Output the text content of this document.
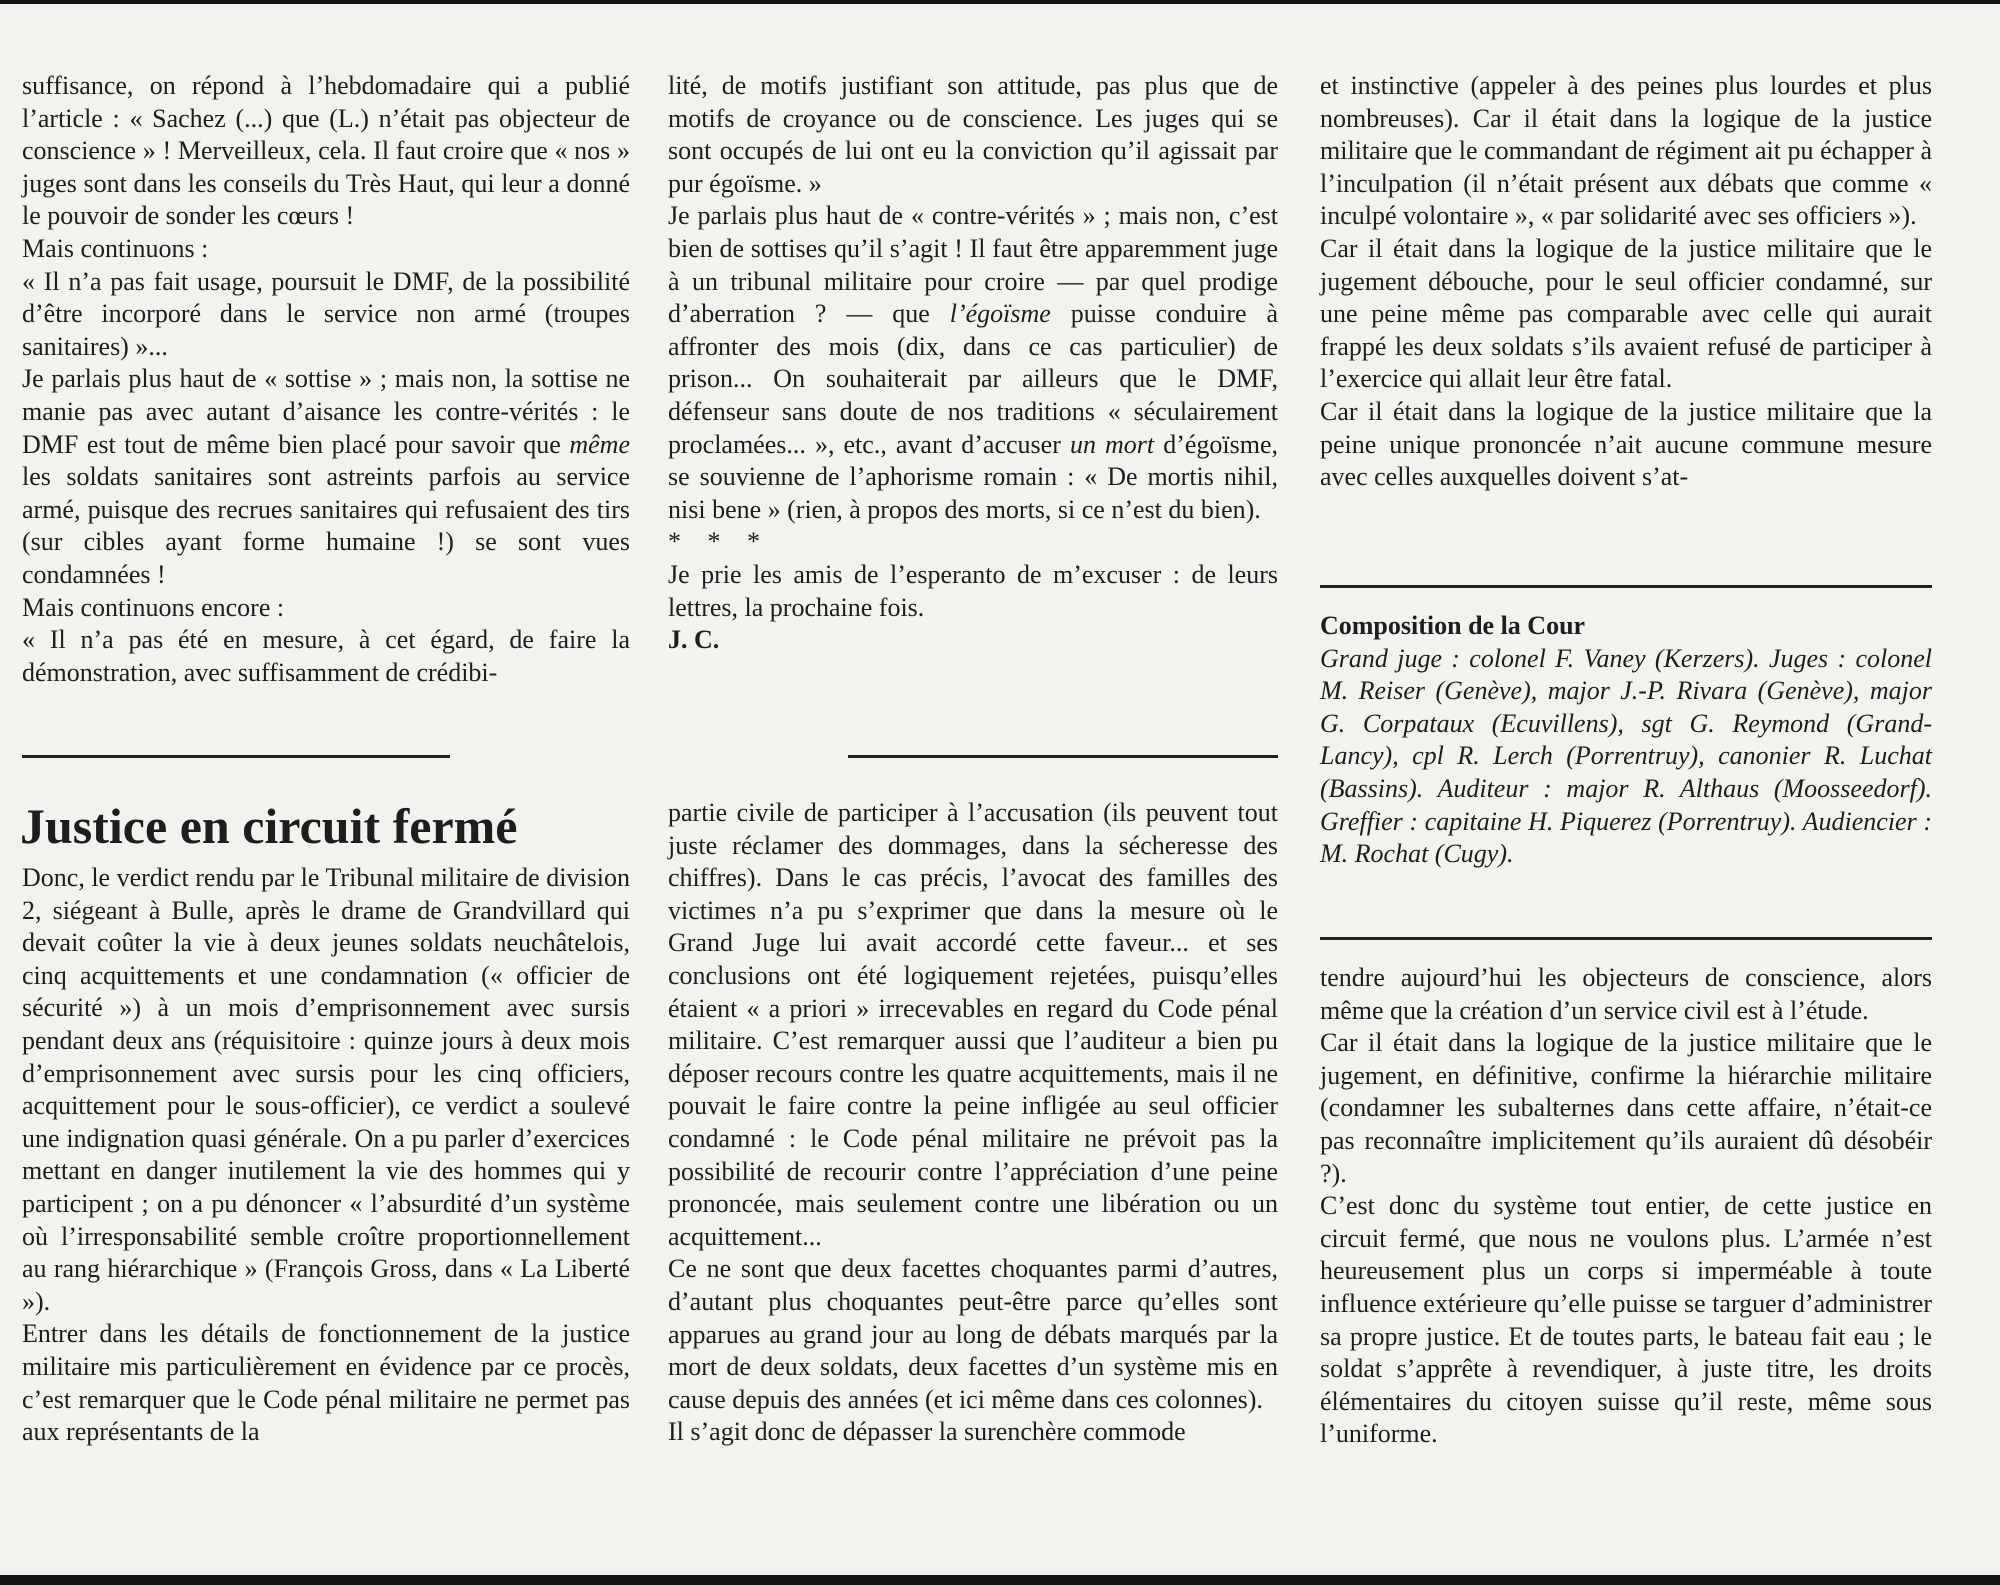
suffisance, on répond à l’hebdomadaire qui a publié l’article : « Sachez (...) que (L.) n’était pas objecteur de conscience » ! Merveilleux, cela. Il faut croire que « nos » juges sont dans les conseils du Très Haut, qui leur a donné le pouvoir de sonder les cœurs !

Mais continuons :

« Il n’a pas fait usage, poursuit le DMF, de la possibilité d’être incorporé dans le service non armé (troupes sanitaires) »...

Je parlais plus haut de « sottise » ; mais non, la sottise ne manie pas avec autant d’aisance les contre-vérités : le DMF est tout de même bien placé pour savoir que même les soldats sanitaires sont astreints parfois au service armé, puisque des recrues sanitaires qui refusaient des tirs (sur cibles ayant forme humaine !) se sont vues condamnées !

Mais continuons encore :

« Il n’a pas été en mesure, à cet égard, de faire la démonstration, avec suffisamment de crédibi-

lité, de motifs justifiant son attitude, pas plus que de motifs de croyance ou de conscience. Les juges qui se sont occupés de lui ont eu la conviction qu’il agissait par pur égoïsme. »

Je parlais plus haut de « contre-vérités » ; mais non, c’est bien de sottises qu’il s’agit ! Il faut être apparemment juge à un tribunal militaire pour croire — par quel prodige d’aberration ? — que l’égoïsme puisse conduire à affronter des mois (dix, dans ce cas particulier) de prison... On souhaiterait par ailleurs que le DMF, défenseur sans doute de nos traditions « séculairement proclamées... », etc., avant d’accuser un mort d’égoïsme, se souvienne de l’aphorisme romain : « De mortis nihil, nisi bene » (rien, à propos des morts, si ce n’est du bien).

* * *

Je prie les amis de l’esperanto de m’excuser : de leurs lettres, la prochaine fois.

J. C.

et instinctive (appeler à des peines plus lourdes et plus nombreuses). Car il était dans la logique de la justice militaire que le commandant de régiment ait pu échapper à l’inculpation (il n’était présent aux débats que comme « inculpé volontaire », « par solidarité avec ses officiers »).

Car il était dans la logique de la justice militaire que le jugement débouche, pour le seul officier condamné, sur une peine même pas comparable avec celle qui aurait frappé les deux soldats s’ils avaient refusé de participer à l’exercice qui allait leur être fatal.

Car il était dans la logique de la justice militaire que la peine unique prononcée n’ait aucune commune mesure avec celles auxquelles doivent s’at-

Composition de la Cour

Grand juge : colonel F. Vaney (Kerzers). Juges : colonel M. Reiser (Genève), major J.-P. Rivara (Genève), major G. Corpataux (Ecuvillens), sgt G. Reymond (Grand-Lancy), cpl R. Lerch (Porrentruy), canonier R. Luchat (Bassins). Auditeur : major R. Althaus (Moosseedorf). Greffier : capitaine H. Piquerez (Porrentruy). Audiencier : M. Rochat (Cugy).

Justice en circuit fermé

Donc, le verdict rendu par le Tribunal militaire de division 2, siégeant à Bulle, après le drame de Grandvillard qui devait coûter la vie à deux jeunes soldats neuchâtelois, cinq acquittements et une condamnation (« officier de sécurité ») à un mois d’emprisonnement avec sursis pendant deux ans (réquisitoire : quinze jours à deux mois d’emprisonnement avec sursis pour les cinq officiers, acquittement pour le sous-officier), ce verdict a soulevé une indignation quasi générale. On a pu parler d’exercices mettant en danger inutilement la vie des hommes qui y participent ; on a pu dénoncer « l’absurdité d’un système où l’irresponsabilité semble croître proportionnellement au rang hiérarchique » (François Gross, dans « La Liberté »).

Entrer dans les détails de fonctionnement de la justice militaire mis particulièrement en évidence par ce procès, c’est remarquer que le Code pénal militaire ne permet pas aux représentants de la

partie civile de participer à l’accusation (ils peuvent tout juste réclamer des dommages, dans la sécheresse des chiffres). Dans le cas précis, l’avocat des familles des victimes n’a pu s’exprimer que dans la mesure où le Grand Juge lui avait accordé cette faveur... et ses conclusions ont été logiquement rejetées, puisqu’elles étaient « a priori » irrecevables en regard du Code pénal militaire. C’est remarquer aussi que l’auditeur a bien pu déposer recours contre les quatre acquittements, mais il ne pouvait le faire contre la peine infligée au seul officier condamné : le Code pénal militaire ne prévoit pas la possibilité de recourir contre l’appréciation d’une peine prononcée, mais seulement contre une libération ou un acquittement...

Ce ne sont que deux facettes choquantes parmi d’autres, d’autant plus choquantes peut-être parce qu’elles sont apparues au grand jour au long de débats marqués par la mort de deux soldats, deux facettes d’un système mis en cause depuis des années (et ici même dans ces colonnes).

Il s’agit donc de dépasser la surenchère commode

tendre aujourd’hui les objecteurs de conscience, alors même que la création d’un service civil est à l’étude.

Car il était dans la logique de la justice militaire que le jugement, en définitive, confirme la hiérarchie militaire (condamner les subalternes dans cette affaire, n’était-ce pas reconnaître implicitement qu’ils auraient dû désobéir ?).

C’est donc du système tout entier, de cette justice en circuit fermé, que nous ne voulons plus. L’armée n’est heureusement plus un corps si imperméable à toute influence extérieure qu’elle puisse se targuer d’administrer sa propre justice. Et de toutes parts, le bateau fait eau ; le soldat s’apprête à revendiquer, à juste titre, les droits élémentaires du citoyen suisse qu’il reste, même sous l’uniforme.
